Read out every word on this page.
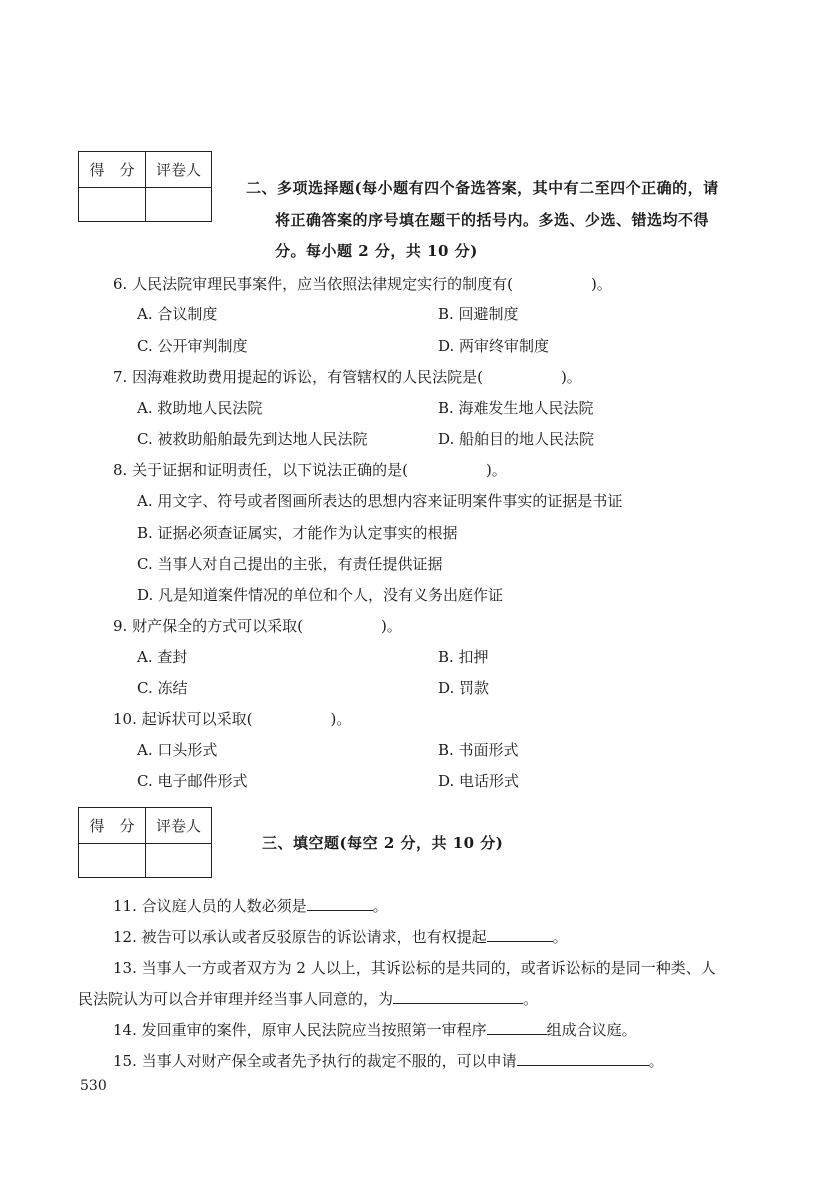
得　分	评卷人

二、多项选择题(每小题有四个备选答案，其中有二至四个正确的，请
将正确答案的序号填在题干的括号内。多选、少选、错选均不得
分。每小题 2 分，共 10 分)
6. 人民法院审理民事案件，应当依照法律规定实行的制度有(	)。
A. 合议制度	B. 回避制度
C. 公开审判制度	D. 两审终审制度
7. 因海难救助费用提起的诉讼，有管辖权的人民法院是(	)。
A. 救助地人民法院	B. 海难发生地人民法院
C. 被救助船舶最先到达地人民法院	D. 船舶目的地人民法院
8. 关于证据和证明责任，以下说法正确的是(	)。
A. 用文字、符号或者图画所表达的思想内容来证明案件事实的证据是书证
B. 证据必须查证属实，才能作为认定事实的根据
C. 当事人对自己提出的主张，有责任提供证据
D. 凡是知道案件情况的单位和个人，没有义务出庭作证
9. 财产保全的方式可以采取(	)。
A. 查封	B. 扣押
C. 冻结	D. 罚款
10. 起诉状可以采取(	)。
A. 口头形式	B. 书面形式
C. 电子邮件形式	D. 电话形式
得　分	评卷人

三、填空题(每空 2 分，共 10 分)
11. 合议庭人员的人数必须是	。
12. 被告可以承认或者反驳原告的诉讼请求，也有权提起	。
13. 当事人一方或者双方为 2 人以上，其诉讼标的是共同的，或者诉讼标的是同一种类、人
民法院认为可以合并审理并经当事人同意的，为	。
14. 发回重审的案件，原审人民法院应当按照第一审程序	组成合议庭。
15. 当事人对财产保全或者先予执行的裁定不服的，可以申请	。
530
